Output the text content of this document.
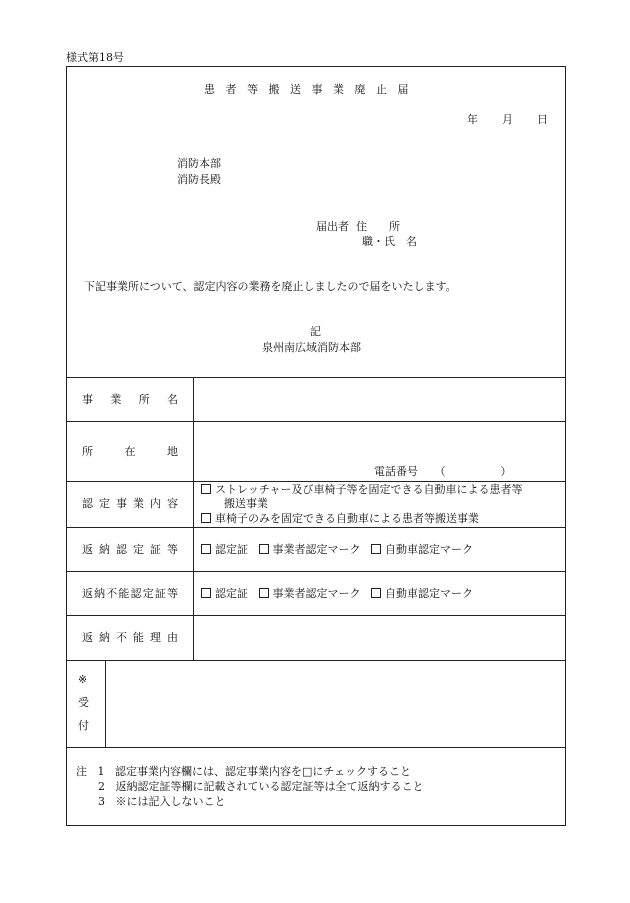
様式第18号
患者等搬送事業廃止届
年 月 日
消防本部
消防長殿
届出者 住　　所
職・氏　名
下記事業所について、認定内容の業務を廃止しましたので届をいたします。
記
泉州南広域消防本部
事業所名
所在地
電話番号　　（　　　　　）
認定事業内容
ストレッチャー及び車椅子等を固定できる自動車による患者等
搬送事業
車椅子のみを固定できる自動車による患者等搬送事業
返納認定証等	認定証 事業者認定マーク 自動車認定マーク
返納不能認定証等	認定証 事業者認定マーク 自動車認定マーク
返納不能理由
※
受
付
注 1 認定事業内容欄には、認定事業内容を□にチェックすること
2 返納認定証等欄に記載されている認定証等は全て返納すること
3 ※には記入しないこと
